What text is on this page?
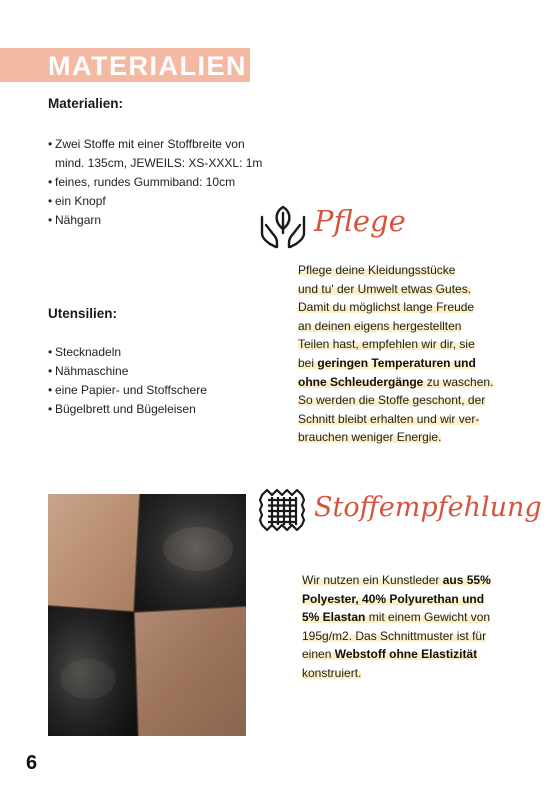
MATERIALIEN
Materialien:
• Zwei Stoffe mit einer Stoffbreite von
mind. 135cm, JEWEILS: XS-XXXL: 1m
• feines, rundes Gummiband: 10cm
• ein Knopf
• Nähgarn
Utensilien:
• Stecknadeln
• Nähmaschine
• eine Papier- und Stoffschere
• Bügelbrett und Bügeleisen
Pflege
Pflege deine Kleidungsstücke
und tu' der Umwelt etwas Gutes.
Damit du möglichst lange Freude
an deinen eigens hergestellten
Teilen hast, empfehlen wir dir, sie
bei geringen Temperaturen und
ohne Schleudergänge zu waschen.
So werden die Stoffe geschont, der
Schnitt bleibt erhalten und wir ver-
brauchen weniger Energie.
Stoffempfehlung
Wir nutzen ein Kunstleder aus 55%
Polyester, 40% Polyurethan und
5% Elastan mit einem Gewicht von
195g/m2. Das Schnittmuster ist für
einen Webstoff ohne Elastizität
konstruiert.
6
